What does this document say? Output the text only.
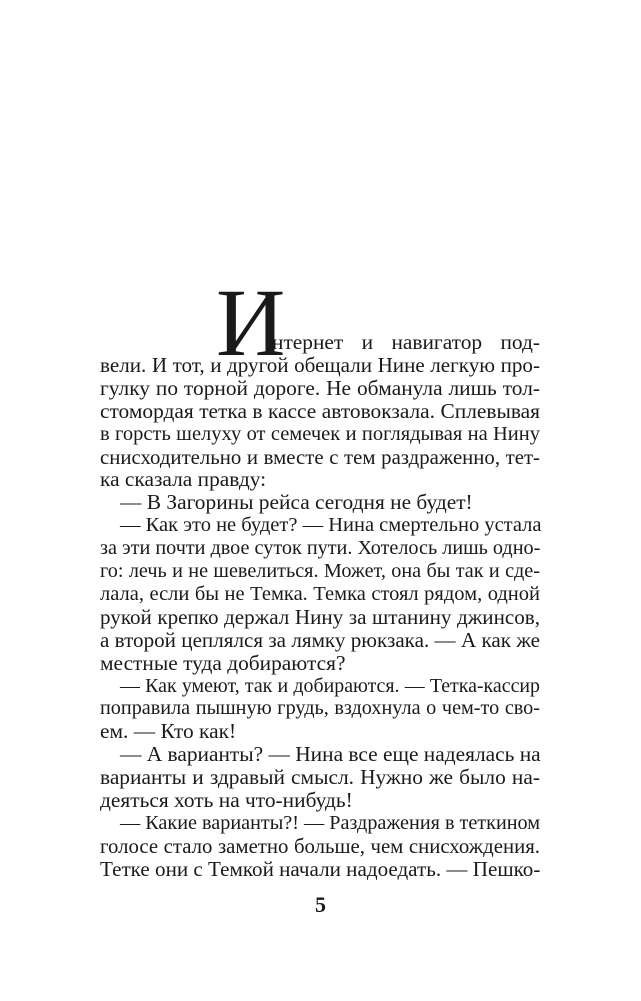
И
нтернет и навигатор под-
вели. И тот, и другой обещали Нине легкую про-
гулку по торной дороге. Не обманула лишь тол-
стомордая тетка в кассе автовокзала. Сплевывая
в горсть шелуху от семечек и поглядывая на Нину
снисходительно и вместе с тем раздраженно, тет-
ка сказала правду:
— В Загорины рейса сегодня не будет!
— Как это не будет? — Нина смертельно устала
за эти почти двое суток пути. Хотелось лишь одно-
го: лечь и не шевелиться. Может, она бы так и сде-
лала, если бы не Темка. Темка стоял рядом, одной
рукой крепко держал Нину за штанину джинсов,
а второй цеплялся за лямку рюкзака. — А как же
местные туда добираются?
— Как умеют, так и добираются. — Тетка-кассир
поправила пышную грудь, вздохнула о чем-то сво-
ем. — Кто как!
— А варианты? — Нина все еще надеялась на
варианты и здравый смысл. Нужно же было на-
деяться хоть на что-нибудь!
— Какие варианты?! — Раздражения в теткином
голосе стало заметно больше, чем снисхождения.
Тетке они с Темкой начали надоедать. — Пешко-
5
